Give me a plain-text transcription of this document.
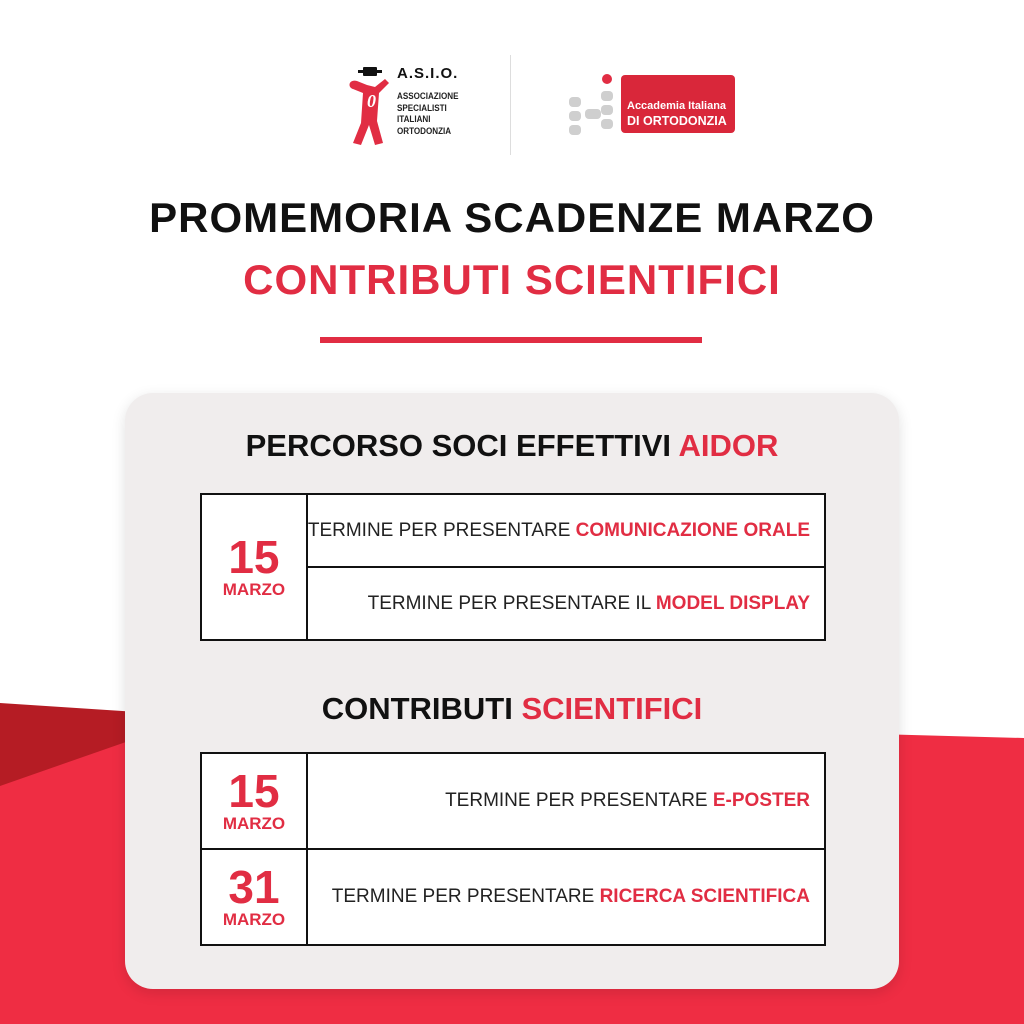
0
A.S.I.O.
ASSOCIAZIONE
SPECIALISTI
ITALIANI
ORTODONZIA
Accademia Italiana
DI ORTODONZIA
PROMEMORIA SCADENZE MARZO
CONTRIBUTI SCIENTIFICI
PERCORSO SOCI EFFETTIVI AIDOR
15
MARZO
	TERMINE PER PRESENTARE COMUNICAZIONE ORALE
TERMINE PER PRESENTARE IL MODEL DISPLAY
CONTRIBUTI SCIENTIFICI
15
MARZO	TERMINE PER PRESENTARE E-POSTER

31
MARZO	TERMINE PER PRESENTARE RICERCA SCIENTIFICA
